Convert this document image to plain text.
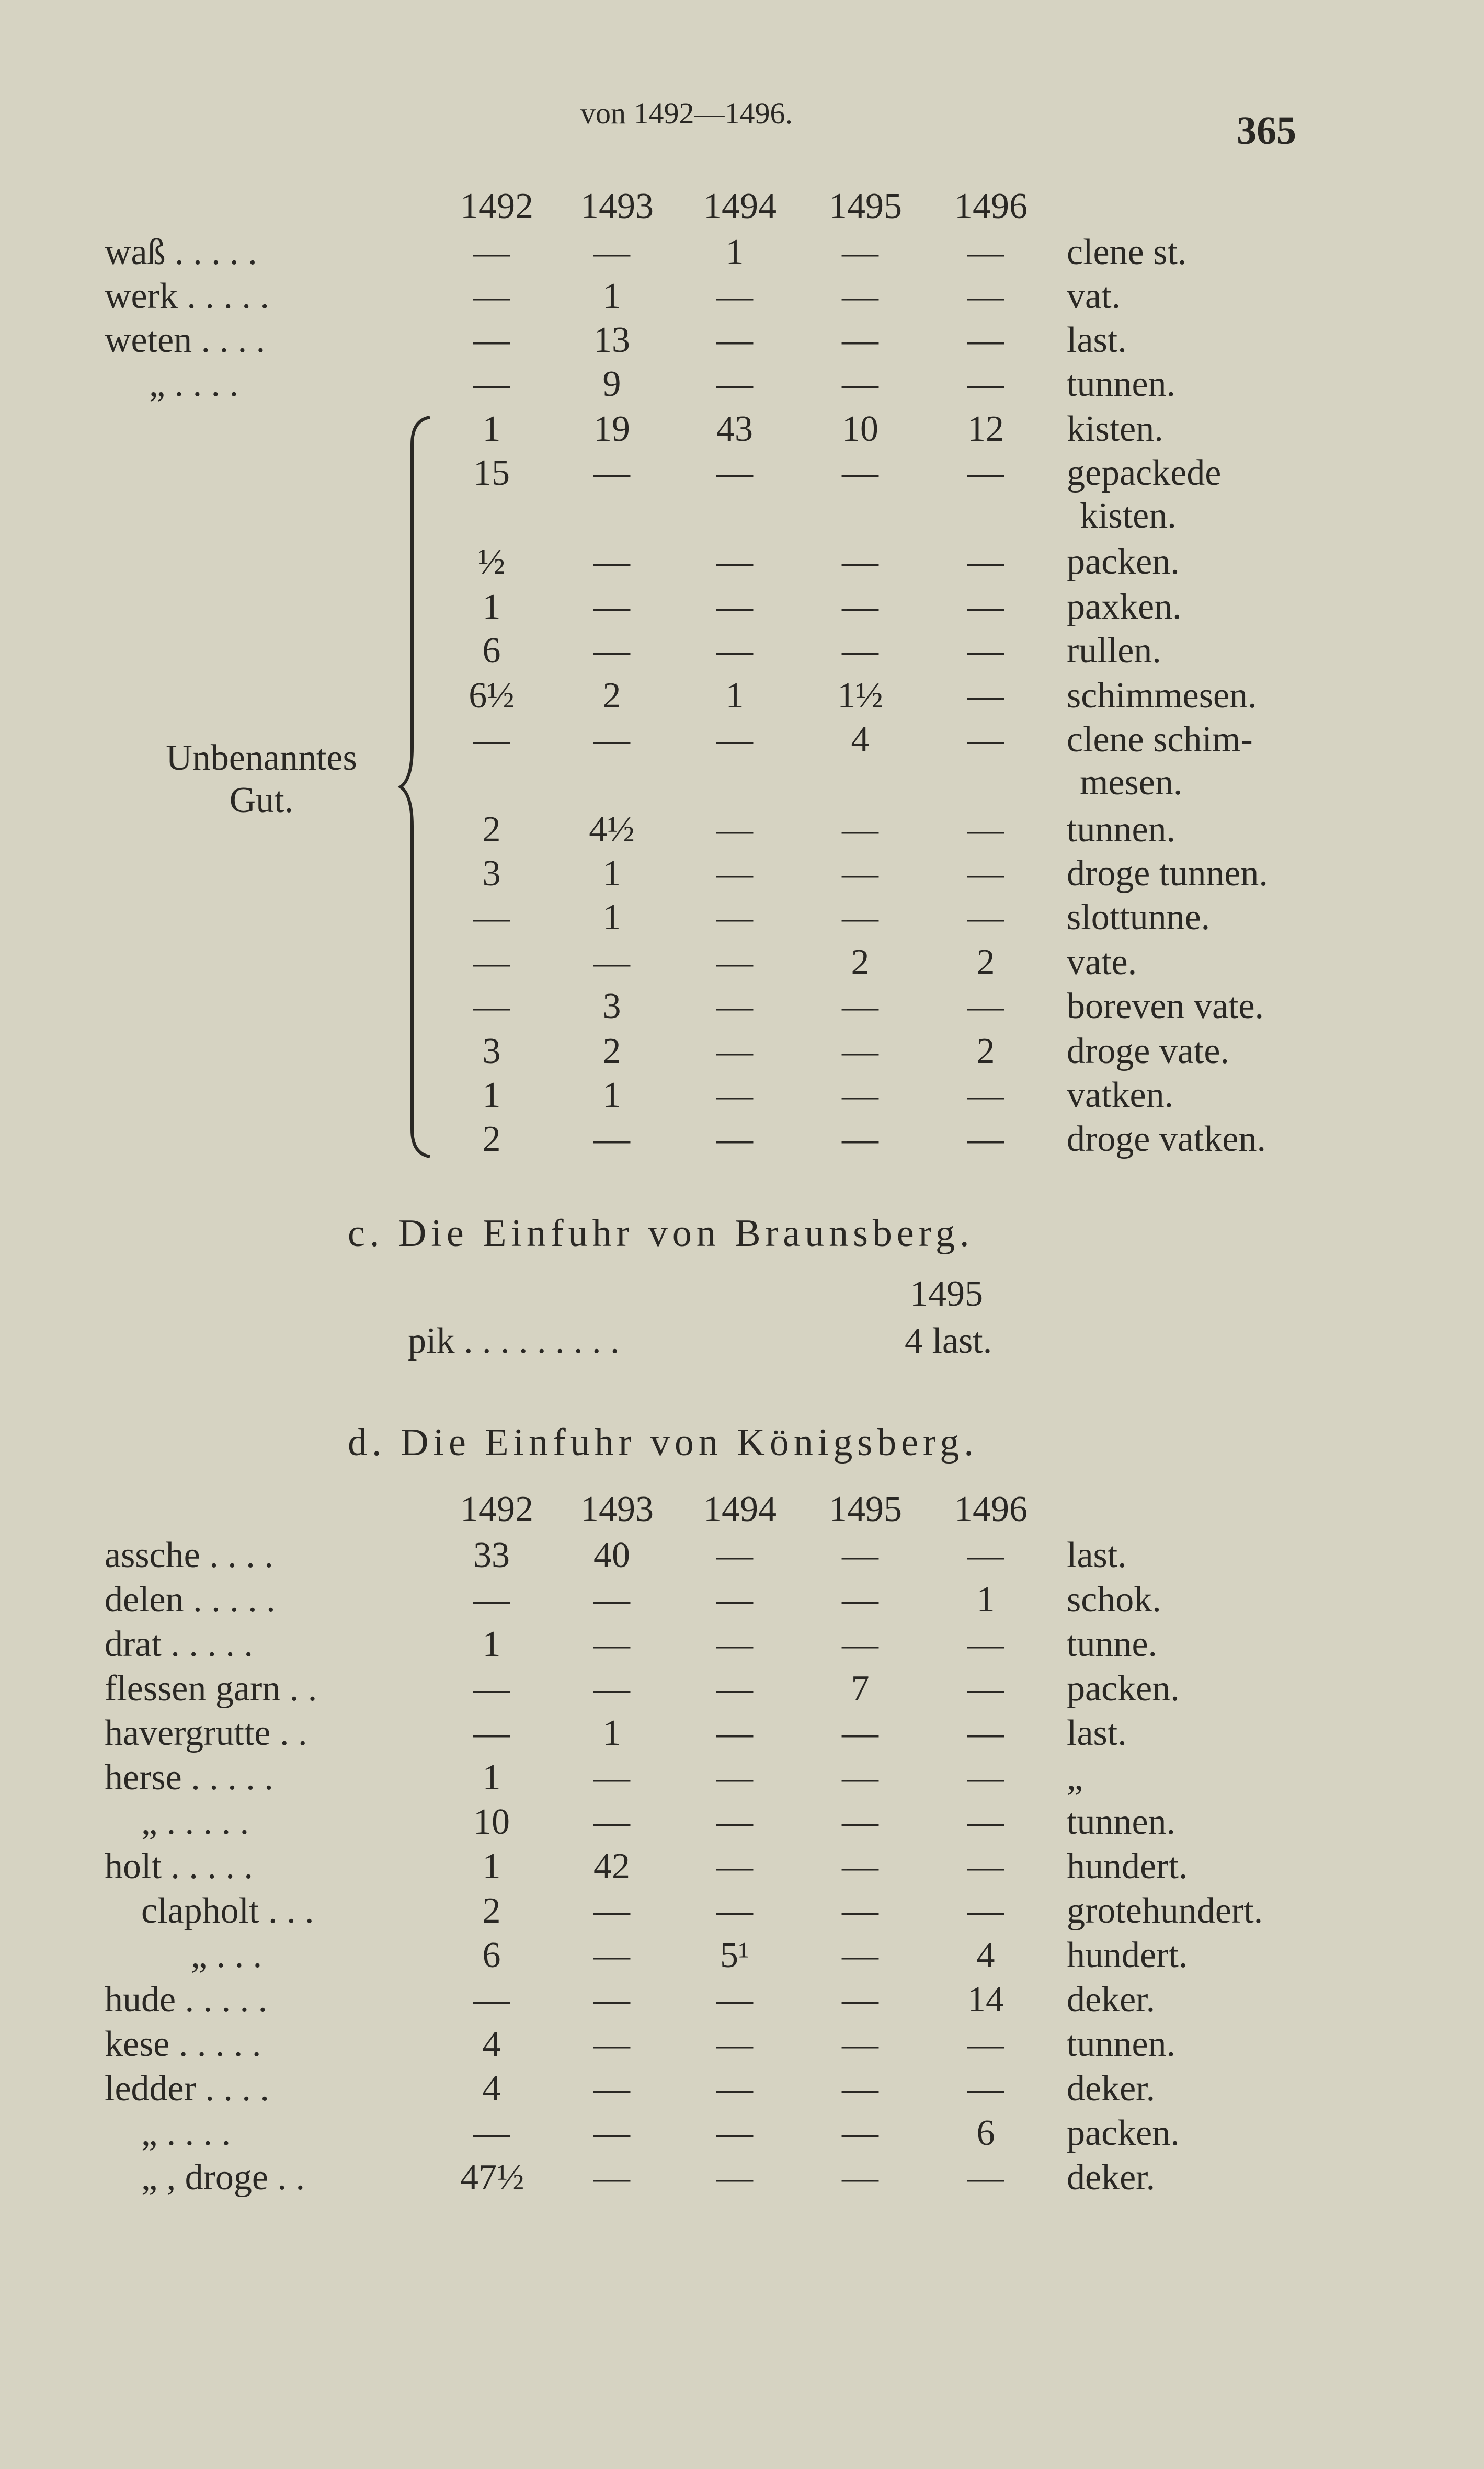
von 1492—1496.	365
1492 1493 1494 1495 1496
waß . . . . .	—	—	1	—	—	clene st.
werk . . . . .	—	1	—	—	—	vat.
weten . . . .	—	13	—	—	—	last.
„ . . . .	—	9	—	—	—	tunnen.
Unbenanntes
Gut.
1	19	43	10	12	kisten.
15	—	—	—	—	gepackede
kisten.
½	—	—	—	—	packen.
1	—	—	—	—	paxken.
6	—	—	—	—	rullen.
6½	2	1	1½	—	schimmesen.
—	—	—	4	—	clene schim-
mesen.
2	4½	—	—	—	tunnen.
3	1	—	—	—	droge tunnen.
—	1	—	—	—	slottunne.
—	—	—	2	2	vate.
—	3	—	—	—	boreven vate.
3	2	—	—	2	droge vate.
1	1	—	—	—	vatken.
2	—	—	—	—	droge vatken.
c. Die Einfuhr von Braunsberg.
1495
pik . . . . . . . . .	4 last.
d. Die Einfuhr von Königsberg.
1492 1493 1494 1495 1496
assche . . . .	33	40	—	—	—	last.
delen . . . . .	—	—	—	—	1	schok.
drat . . . . .	1	—	—	—	—	tunne.
flessen garn . .	—	—	—	7	—	packen.
havergrutte . .	—	1	—	—	—	last.
herse . . . . .	1	—	—	—	—	„
„ . . . . .	10	—	—	—	—	tunnen.
holt . . . . .	1	42	—	—	—	hundert.
clapholt . . .	2	—	—	—	—	grotehundert.
„ . . .	6	—	5¹	—	4	hundert.
hude . . . . .	—	—	—	—	14	deker.
kese . . . . .	4	—	—	—	—	tunnen.
ledder . . . .	4	—	—	—	—	deker.
„ . . . .	—	—	—	—	6	packen.
„ , droge . .	47½	—	—	—	—	deker.
